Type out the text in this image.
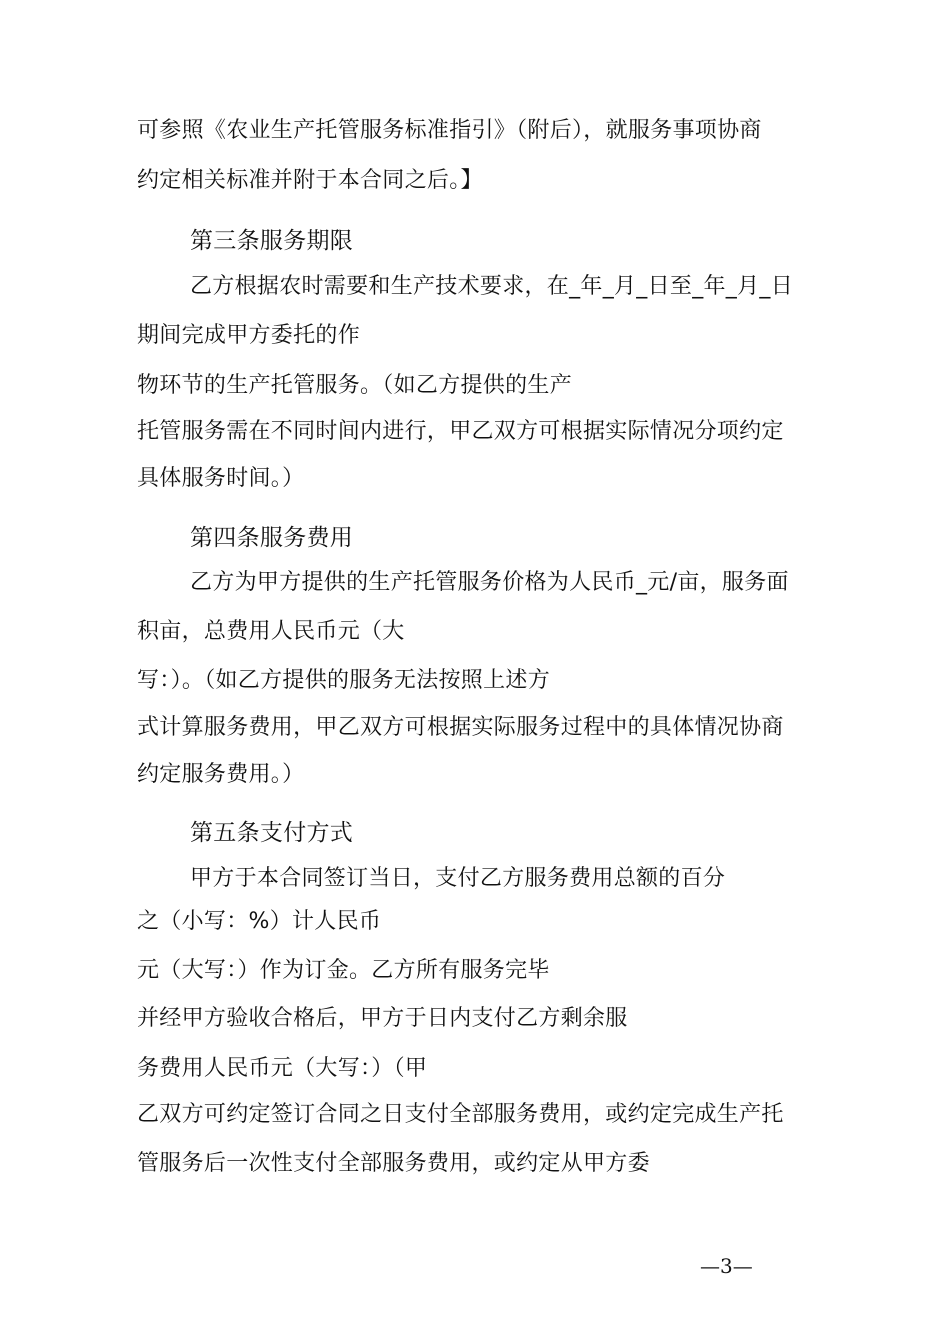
可参照《农业生产托管服务标准指引》（附后），就服务事项协商
约定相关标准并附于本合同之后。】
第三条服务期限
乙方根据农时需要和生产技术要求，在_年_月_日至_年_月_日
期间完成甲方委托的作
物环节的生产托管服务。（如乙方提供的生产
托管服务需在不同时间内进行，甲乙双方可根据实际情况分项约定
具体服务时间。）
第四条服务费用
乙方为甲方提供的生产托管服务价格为人民币_元/亩，服务面
积亩，总费用人民币元（大
写：）。（如乙方提供的服务无法按照上述方
式计算服务费用，甲乙双方可根据实际服务过程中的具体情况协商
约定服务费用。）
第五条支付方式
甲方于本合同签订当日，支付乙方服务费用总额的百分
之（小写：%）计人民币
元（大写：）作为订金。乙方所有服务完毕
并经甲方验收合格后，甲方于日内支付乙方剩余服
务费用人民币元（大写：）（甲
乙双方可约定签订合同之日支付全部服务费用，或约定完成生产托
管服务后一次性支付全部服务费用，或约定从甲方委
—3—
